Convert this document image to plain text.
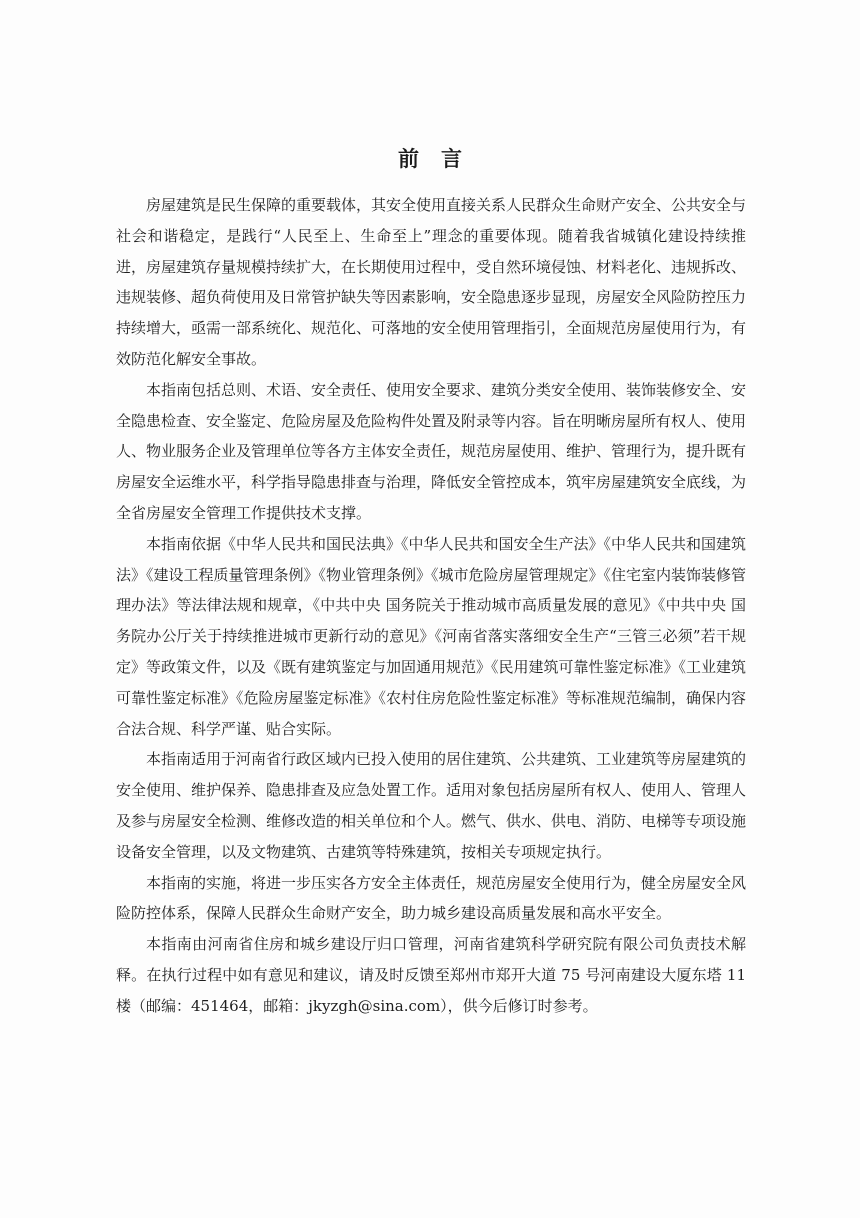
前言

房屋建筑是民生保障的重要载体，其安全使用直接关系人民群众生命财产安全、公共安全与社会和谐稳定，是践行“人民至上、生命至上”理念的重要体现。随着我省城镇化建设持续推进，房屋建筑存量规模持续扩大，在长期使用过程中，受自然环境侵蚀、材料老化、违规拆改、违规装修、超负荷使用及日常管护缺失等因素影响，安全隐患逐步显现，房屋安全风险防控压力持续增大，亟需一部系统化、规范化、可落地的安全使用管理指引，全面规范房屋使用行为，有效防范化解安全事故。

本指南包括总则、术语、安全责任、使用安全要求、建筑分类安全使用、装饰装修安全、安全隐患检查、安全鉴定、危险房屋及危险构件处置及附录等内容。旨在明晰房屋所有权人、使用人、物业服务企业及管理单位等各方主体安全责任，规范房屋使用、维护、管理行为，提升既有房屋安全运维水平，科学指导隐患排查与治理，降低安全管控成本，筑牢房屋建筑安全底线，为全省房屋安全管理工作提供技术支撑。

本指南依据《中华人民共和国民法典》《中华人民共和国安全生产法》《中华人民共和国建筑法》《建设工程质量管理条例》《物业管理条例》《城市危险房屋管理规定》《住宅室内装饰装修管理办法》等法律法规和规章，《中共中央 国务院关于推动城市高质量发展的意见》《中共中央 国务院办公厅关于持续推进城市更新行动的意见》《河南省落实落细安全生产“三管三必须”若干规定》等政策文件，以及《既有建筑鉴定与加固通用规范》《民用建筑可靠性鉴定标准》《工业建筑可靠性鉴定标准》《危险房屋鉴定标准》《农村住房危险性鉴定标准》等标准规范编制，确保内容合法合规、科学严谨、贴合实际。

本指南适用于河南省行政区域内已投入使用的居住建筑、公共建筑、工业建筑等房屋建筑的安全使用、维护保养、隐患排查及应急处置工作。适用对象包括房屋所有权人、使用人、管理人及参与房屋安全检测、维修改造的相关单位和个人。燃气、供水、供电、消防、电梯等专项设施设备安全管理，以及文物建筑、古建筑等特殊建筑，按相关专项规定执行。

本指南的实施，将进一步压实各方安全主体责任，规范房屋安全使用行为，健全房屋安全风险防控体系，保障人民群众生命财产安全，助力城乡建设高质量发展和高水平安全。

本指南由河南省住房和城乡建设厅归口管理，河南省建筑科学研究院有限公司负责技术解释。在执行过程中如有意见和建议，请及时反馈至郑州市郑开大道 75 号河南建设大厦东塔 11 楼（邮编：451464，邮箱：jkyzgh@sina.com），供今后修订时参考。
